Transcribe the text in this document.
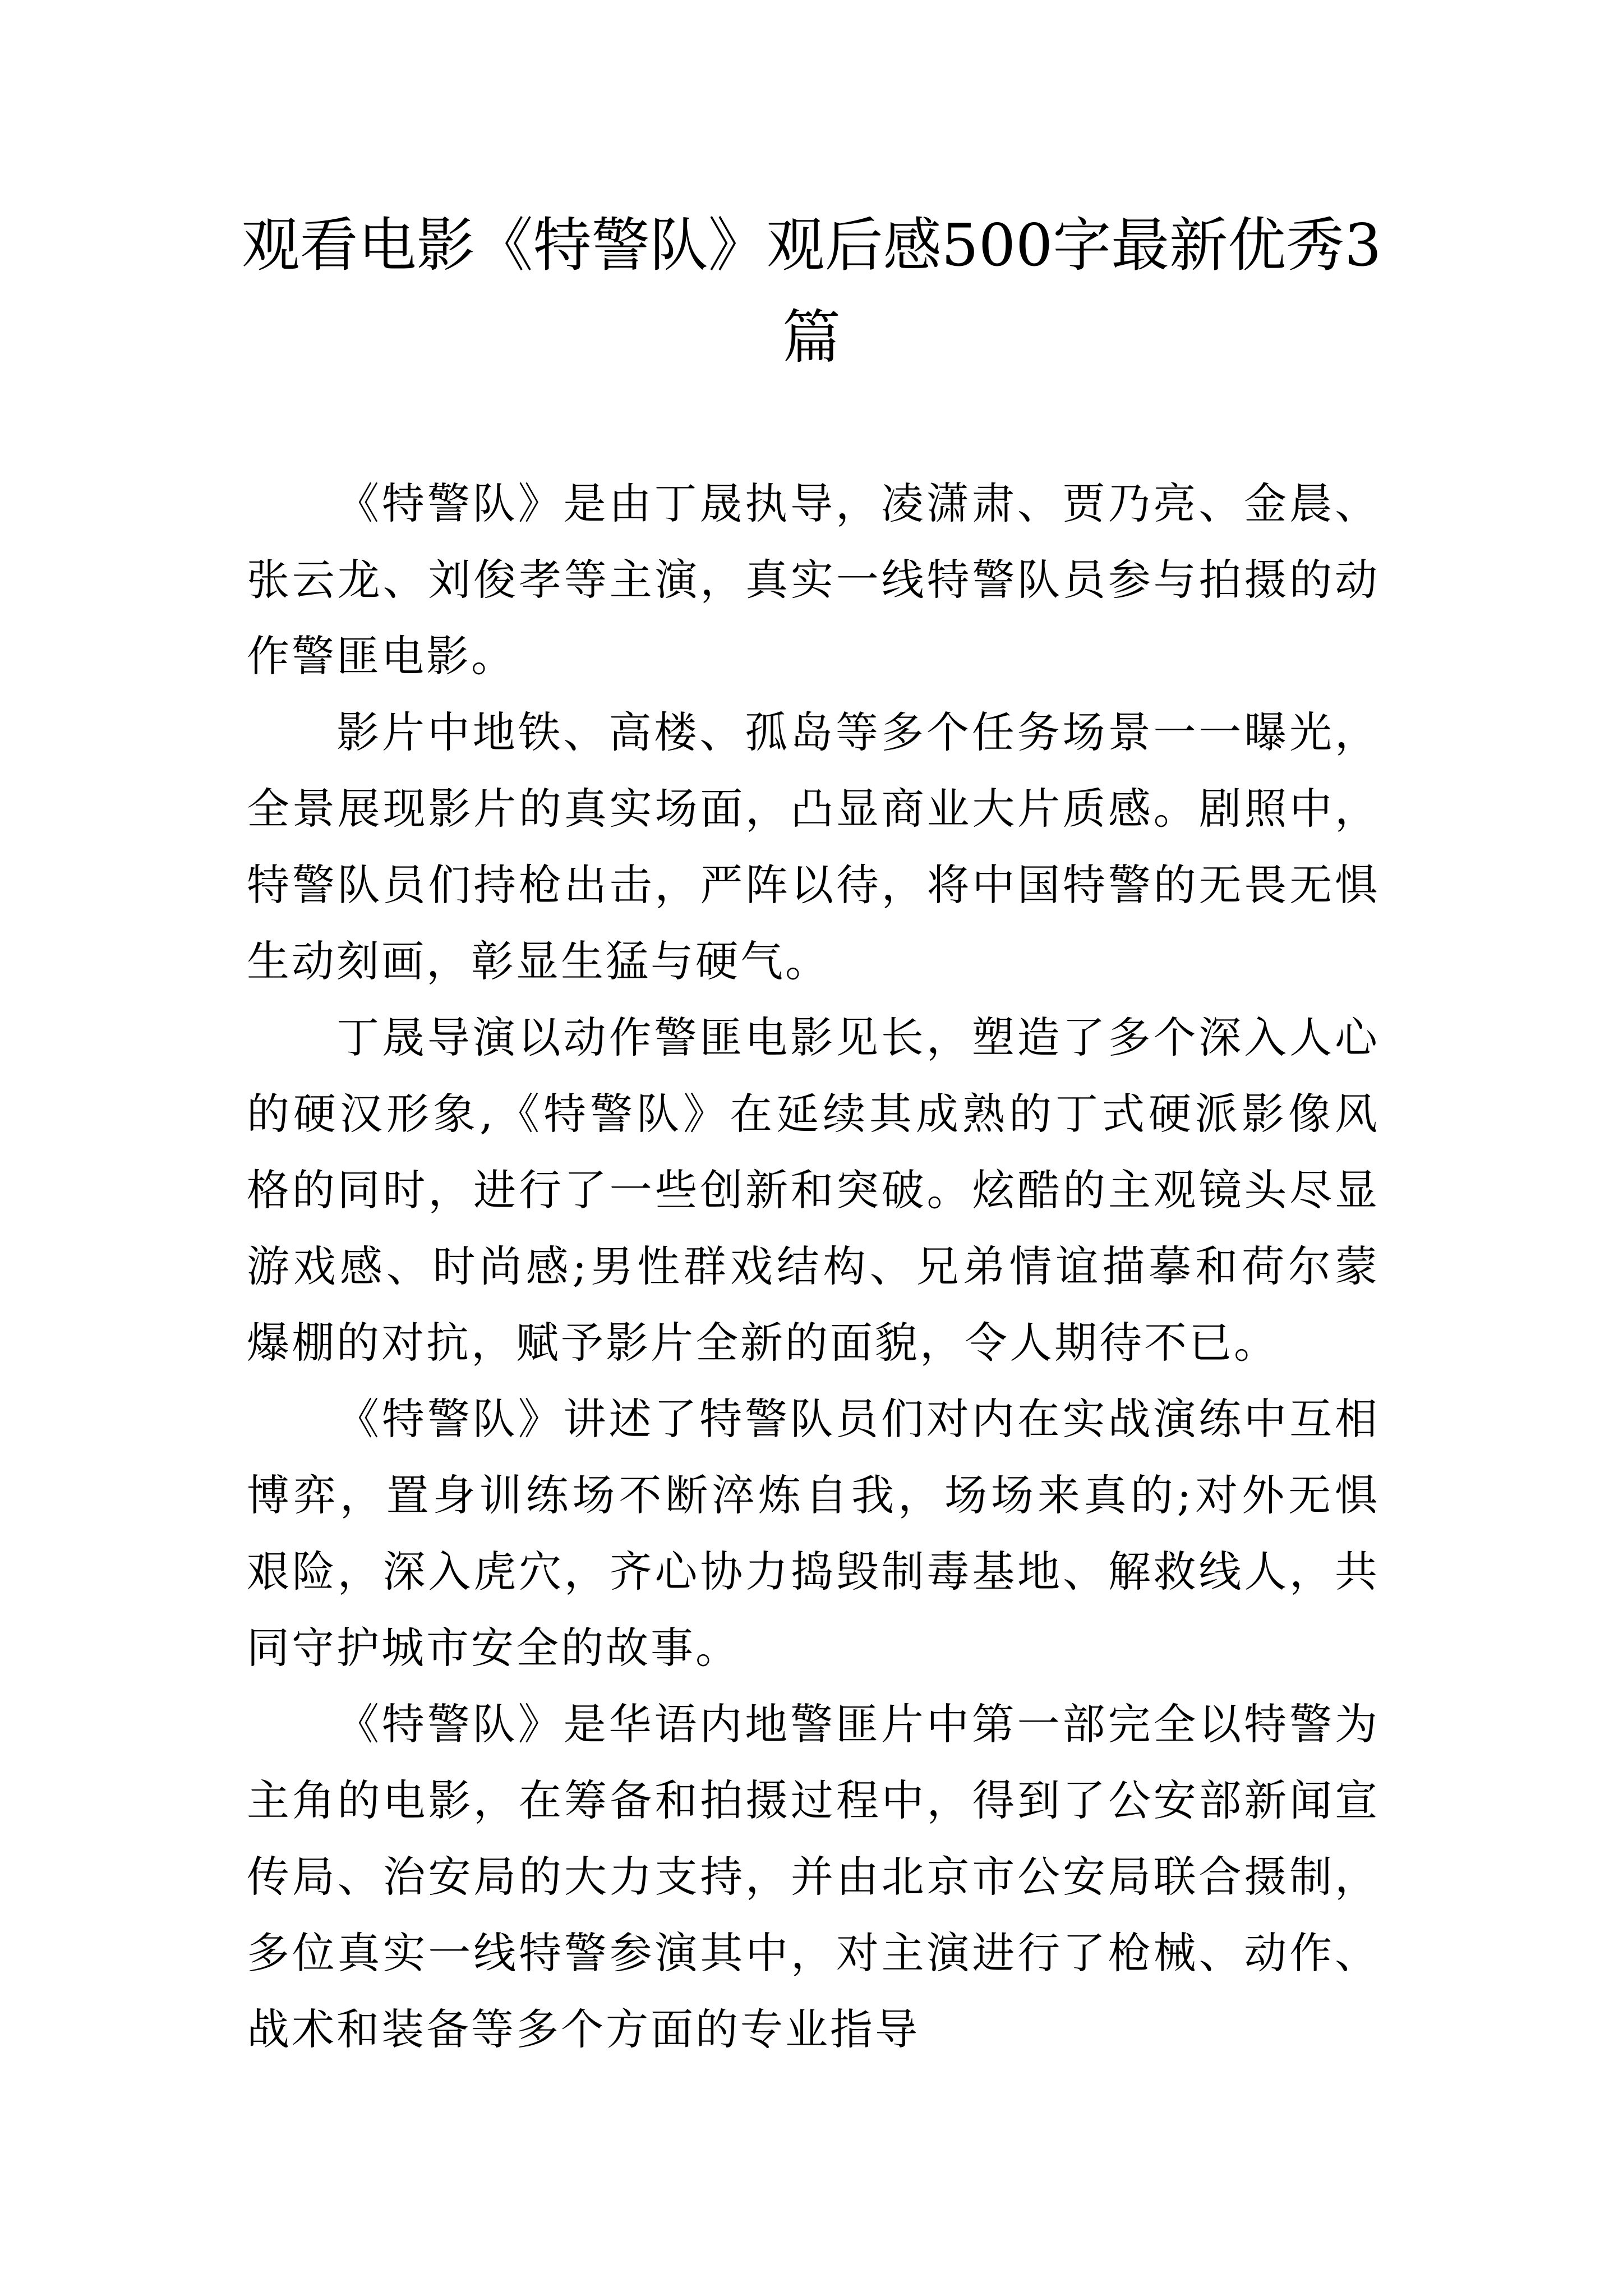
观看电影《特警队》观后感500字最新优秀3篇

《特警队》是由丁晟执导，凌潇肃、贾乃亮、金晨、张云龙、刘俊孝等主演，真实一线特警队员参与拍摄的动作警匪电影。

影片中地铁、高楼、孤岛等多个任务场景一一曝光，全景展现影片的真实场面，凸显商业大片质感。剧照中，特警队员们持枪出击，严阵以待，将中国特警的无畏无惧生动刻画，彰显生猛与硬气。

丁晟导演以动作警匪电影见长，塑造了多个深入人心的硬汉形象,《特警队》在延续其成熟的丁式硬派影像风格的同时，进行了一些创新和突破。炫酷的主观镜头尽显游戏感、时尚感;男性群戏结构、兄弟情谊描摹和荷尔蒙爆棚的对抗，赋予影片全新的面貌，令人期待不已。

《特警队》讲述了特警队员们对内在实战演练中互相博弈，置身训练场不断淬炼自我，场场来真的;对外无惧艰险，深入虎穴，齐心协力捣毁制毒基地、解救线人，共同守护城市安全的故事。

《特警队》是华语内地警匪片中第一部完全以特警为主角的电影，在筹备和拍摄过程中，得到了公安部新闻宣传局、治安局的大力支持，并由北京市公安局联合摄制，多位真实一线特警参演其中，对主演进行了枪械、动作、战术和装备等多个方面的专业指导
